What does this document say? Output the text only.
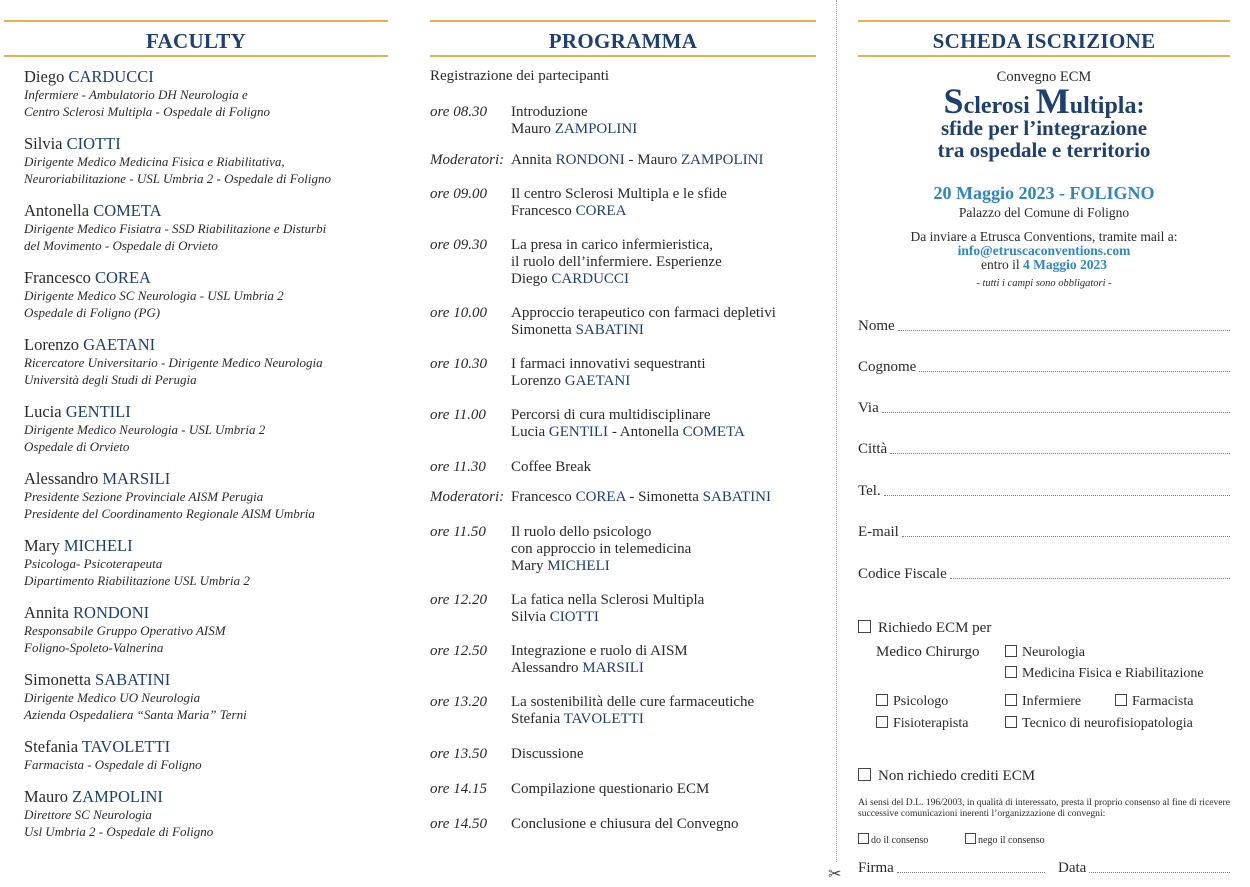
FACULTY
Diego CARDUCCI
Infermiere - Ambulatorio DH Neurologia e
Centro Sclerosi Multipla - Ospedale di Foligno
Silvia CIOTTI
Dirigente Medico Medicina Fisica e Riabilitativa,
Neuroriabilitazione - USL Umbria 2 - Ospedale di Foligno
Antonella COMETA
Dirigente Medico Fisiatra - SSD Riabilitazione e Disturbi
del Movimento - Ospedale di Orvieto
Francesco COREA
Dirigente Medico SC Neurologia - USL Umbria 2
Ospedale di Foligno (PG)
Lorenzo GAETANI
Ricercatore Universitario - Dirigente Medico Neurologia
Università degli Studi di Perugia
Lucia GENTILI
Dirigente Medico Neurologia - USL Umbria 2
Ospedale di Orvieto
Alessandro MARSILI
Presidente Sezione Provinciale AISM Perugia
Presidente del Coordinamento Regionale AISM Umbria
Mary MICHELI
Psicologa- Psicoterapeuta
Dipartimento Riabilitazione USL Umbria 2
Annita RONDONI
Responsabile Gruppo Operativo AISM
Foligno-Spoleto-Valnerina
Simonetta SABATINI
Dirigente Medico UO Neurologia
Azienda Ospedaliera “Santa Maria” Terni
Stefania TAVOLETTI
Farmacista - Ospedale di Foligno
Mauro ZAMPOLINI
Direttore SC Neurologia
Usl Umbria 2 - Ospedale di Foligno
PROGRAMMA
Registrazione dei partecipanti
ore 08.30	Introduzione
Mauro ZAMPOLINI
Moderatori: Annita RONDONI - Mauro ZAMPOLINI
ore 09.00	Il centro Sclerosi Multipla e le sfide
Francesco COREA
ore 09.30	La presa in carico infermieristica,
il ruolo dell’infermiere. Esperienze
Diego CARDUCCI
ore 10.00	Approccio terapeutico con farmaci depletivi
Simonetta SABATINI
ore 10.30	I farmaci innovativi sequestranti
Lorenzo GAETANI
ore 11.00	Percorsi di cura multidisciplinare
Lucia GENTILI - Antonella COMETA
ore 11.30	Coffee Break
Moderatori: Francesco COREA - Simonetta SABATINI
ore 11.50	Il ruolo dello psicologo
con approccio in telemedicina
Mary MICHELI
ore 12.20	La fatica nella Sclerosi Multipla
Silvia CIOTTI
ore 12.50	Integrazione e ruolo di AISM
Alessandro MARSILI
ore 13.20	La sostenibilità delle cure farmaceutiche
Stefania TAVOLETTI
ore 13.50	Discussione
ore 14.15	Compilazione questionario ECM
ore 14.50	Conclusione e chiusura del Convegno
✂
SCHEDA ISCRIZIONE
Convegno ECM
Sclerosi Multipla:
sfide per l’integrazione
tra ospedale e territorio
20 Maggio 2023 - FOLIGNO
Palazzo del Comune di Foligno
Da inviare a Etrusca Conventions, tramite mail a:
info@etruscaconventions.com
entro il 4 Maggio 2023
- tutti i campi sono obbligatori -
Nome
Cognome
Via
Città
Tel.
E-mail
Codice Fiscale
Richiedo ECM per
Medico Chirurgo	Neurologia
Medicina Fisica e Riabilitazione
Psicologo	Infermiere	Farmacista
Fisioterapista	Tecnico di neurofisiopatologia
Non richiedo crediti ECM
Ai sensi del D.L. 196/2003, in qualità di interessato, presta il proprio consenso al fine di ricevere successive comunicazioni inerenti l’organizzazione di convegni:
do il consenso	nego il consenso
Firma	Data
